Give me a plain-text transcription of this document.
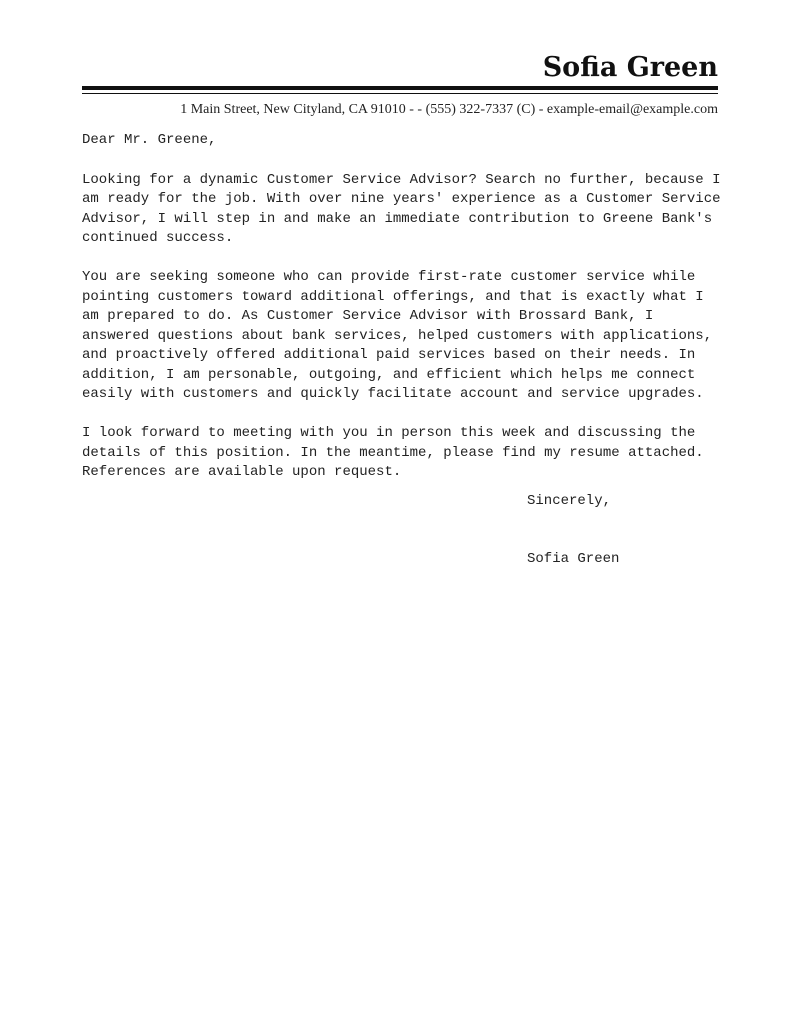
Sofia Green
1 Main Street, New Cityland, CA 91010 - - (555) 322-7337 (C) - example-email@example.com

Dear Mr. Greene,

Looking for a dynamic Customer Service Advisor? Search no further, because I am ready for the job. With over nine years' experience as a Customer Service Advisor, I will step in and make an immediate contribution to Greene Bank's continued success.

You are seeking someone who can provide first-rate customer service while pointing customers toward additional offerings, and that is exactly what I am prepared to do. As Customer Service Advisor with Brossard Bank, I answered questions about bank services, helped customers with applications, and proactively offered additional paid services based on their needs. In addition, I am personable, outgoing, and efficient which helps me connect easily with customers and quickly facilitate account and service upgrades.

I look forward to meeting with you in person this week and discussing the details of this position. In the meantime, please find my resume attached. References are available upon request.

Sincerely,
Sofia Green
